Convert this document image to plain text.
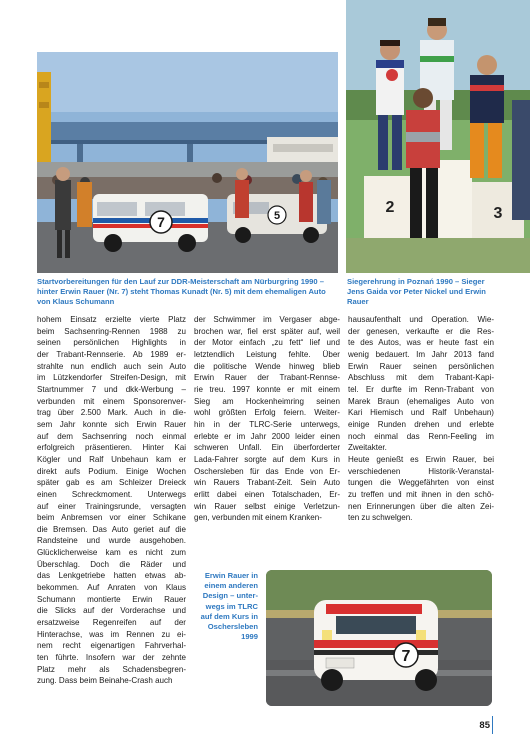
7	5	2	3
Startvorbereitungen für den Lauf zur DDR-Meisterschaft am Nürburgring 1990 –
hinter Erwin Rauer (Nr. 7) steht Thomas Kunadt (Nr. 5) mit dem ehemaligen Auto
von Klaus Schumann
Siegerehrung in Poznań 1990 – Sieger
Jens Gaida vor Peter Nickel und Erwin
Rauer

hohem Einsatz erzielte vierte Platz

beim Sachsenring-Rennen 1988 zu

seinen persönlichen Highlights in

der Trabant-Rennserie. Ab 1989 er-

strahlte nun endlich auch sein Auto

im Lützkendorfer Streifen-Design, mit

Startnummer 7 und dkk-Werbung –

verbunden mit einem Sponsorenver-

trag über 2.500 Mark. Auch in die-

sem Jahr konnte sich Erwin Rauer

auf dem Sachsenring noch einmal

erfolgreich präsentieren. Hinter Kai

Kögler und Ralf Unbehaun kam er

direkt aufs Podium. Einige Wochen

später gab es am Schleizer Dreieck

einen Schreckmoment. Unterwegs

auf einer Trainingsrunde, versagten

beim Anbremsen vor einer Schikane

die Bremsen. Das Auto geriet auf die

Randsteine und wurde ausgehoben.

Glücklicherweise kam es nicht zum

Überschlag. Doch die Räder und

das Lenkgetriebe hatten etwas ab-

bekommen. Auf Anraten von Klaus

Schumann montierte Erwin Rauer

die Slicks auf der Vorderachse und

ersatzweise Regenreifen auf der

Hinterachse, was im Rennen zu ei-

nem recht eigenartigen Fahrverhal-

ten führte. Insofern war der zehnte

Platz mehr als Schadensbegren-

zung. Dass beim Beinahe-Crash auch

der Schwimmer im Vergaser abge-

brochen war, fiel erst später auf, weil

der Motor einfach „zu fett“ lief und

letztendlich Leistung fehlte. Über

die politische Wende hinweg blieb

Erwin Rauer der Trabant-Rennse-

rie treu. 1997 konnte er mit einem

Sieg am Hockenheimring seinen

wohl größten Erfolg feiern. Weiter-

hin in der TLRC-Serie unterwegs,

erlebte er im Jahr 2000 leider einen

schweren Unfall. Ein überforderter

Lada-Fahrer sorgte auf dem Kurs in

Oschersleben für das Ende von Er-

win Rauers Trabant-Zeit. Sein Auto

erlitt dabei einen Totalschaden, Er-

win Rauer selbst einige Verletzun-

gen, verbunden mit einem Kranken-

hausaufenthalt und Operation. Wie-

der genesen, verkaufte er die Res-

te des Autos, was er heute fast ein

wenig bedauert. Im Jahr 2013 fand

Erwin Rauer seinen persönlichen

Abschluss mit dem Trabant-Kapi-

tel. Er durfte im Renn-Trabant von

Marek Braun (ehemaliges Auto von

Kari Hiemisch und Ralf Unbehaun)

einige Runden drehen und erlebte

noch einmal das Renn-Feeling im

Zweitakter.

Heute genießt es Erwin Rauer, bei

verschiedenen Historik-Veranstal-

tungen die Weggefährten von einst

zu treffen und mit ihnen in den schö-

nen Erinnerungen über die alten Zei-

ten zu schwelgen.

Erwin Rauer in
einem anderen
Design – unter-
wegs im TLRC
auf dem Kurs in
Oschersleben
1999
7
85
